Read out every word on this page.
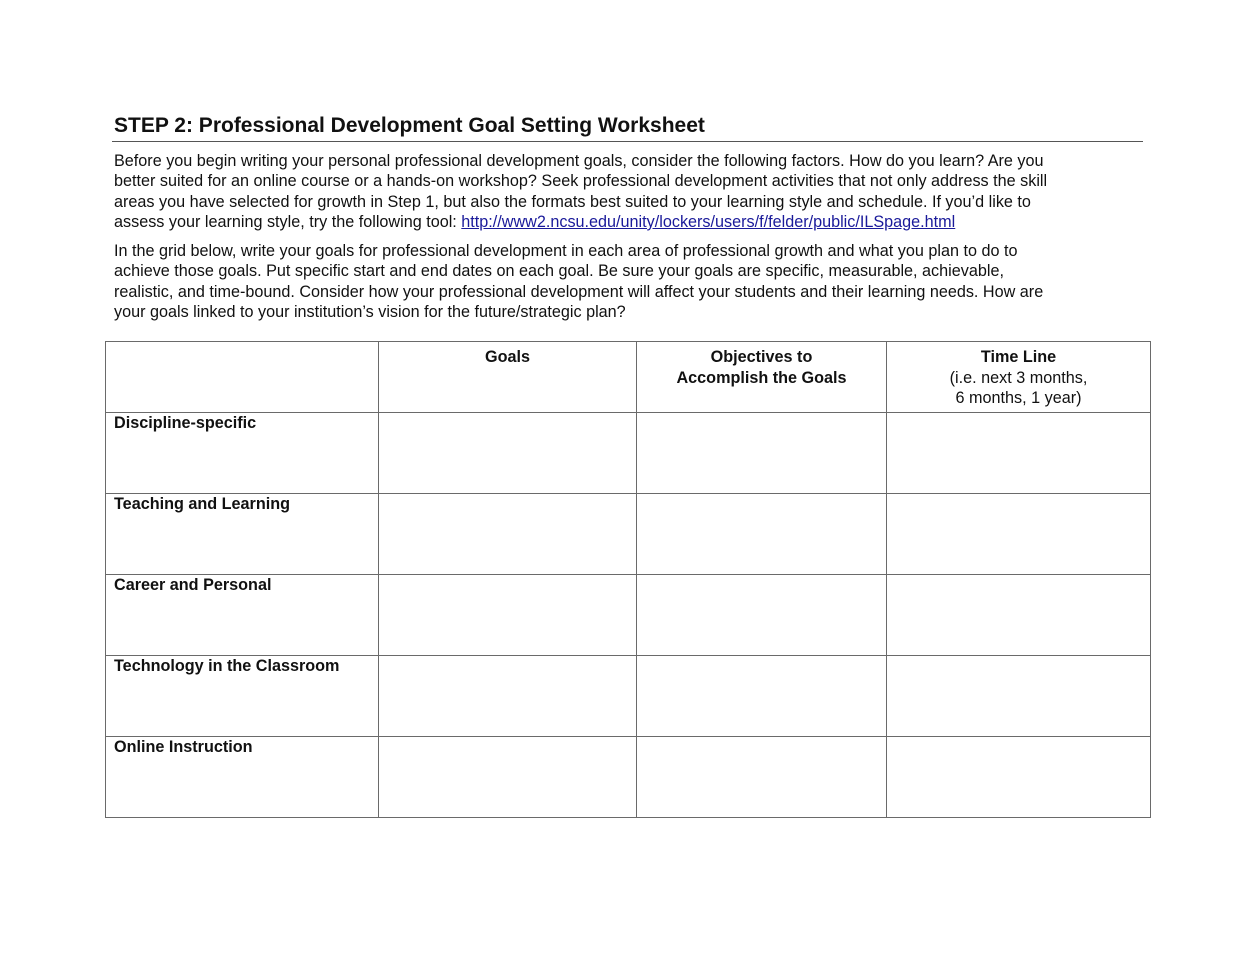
STEP 2: Professional Development Goal Setting Worksheet

Before you begin writing your personal professional development goals, consider the following factors. How do you learn? Are you
better suited for an online course or a hands-on workshop? Seek professional development activities that not only address the skill
areas you have selected for growth in Step 1, but also the formats best suited to your learning style and schedule. If you’d like to
assess your learning style, try the following tool: http://www2.ncsu.edu/unity/lockers/users/f/felder/public/ILSpage.html

In the grid below, write your goals for professional development in each area of professional growth and what you plan to do to
achieve those goals. Put specific start and end dates on each goal. Be sure your goals are specific, measurable, achievable,
realistic, and time-bound. Consider how your professional development will affect your students and their learning needs. How are
your goals linked to your institution’s vision for the future/strategic plan?

	Goals	Objectives to
Accomplish the Goals	Time Line
(i.e. next 3 months,
6 months, 1 year)

Discipline-specific			

Teaching and Learning			

Career and Personal			

Technology in the Classroom			

Online Instruction			
